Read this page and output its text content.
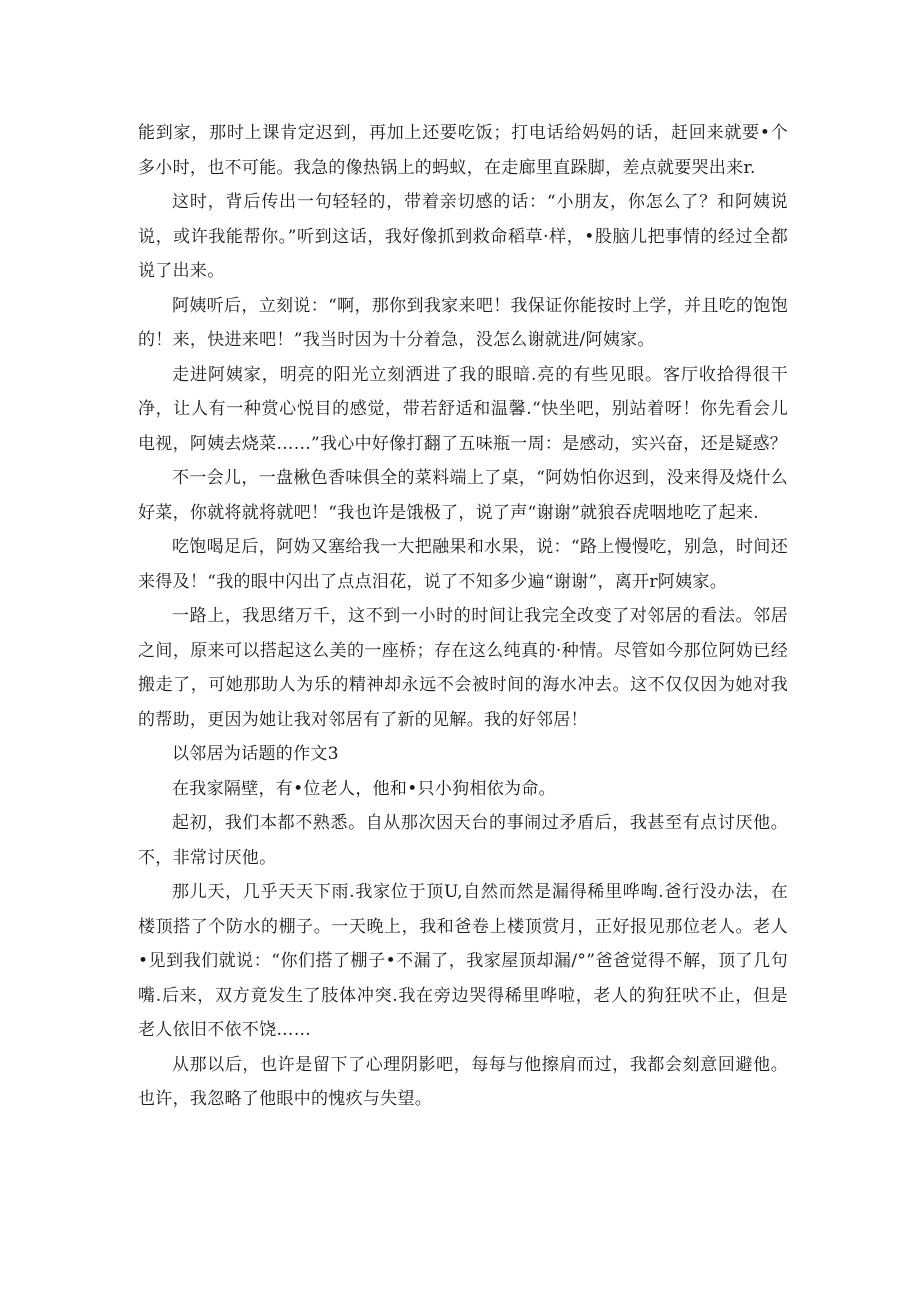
能到家，那时上课肯定迟到，再加上还要吃饭；打电话给妈妈的话，赶回来就要•个多小时，也不可能。我急的像热锅上的蚂蚁，在走廊里直跺脚，差点就要哭出来r.

这时，背后传出一句轻轻的，带着亲切感的话：“小朋友，你怎么了？和阿姨说说，或许我能帮你。”听到这话，我好像抓到救命稻草·样，•股脑儿把事情的经过全都说了出来。

阿姨听后，立刻说：“啊，那你到我家来吧！我保证你能按时上学，并且吃的饱饱的！来，快进来吧！”我当时因为十分着急，没怎么谢就进/阿姨家。

走进阿姨家，明亮的阳光立刻洒进了我的眼暗.亮的有些见眼。客厅收拾得很干净，让人有一种赏心悦目的感觉，带若舒适和温馨.“快坐吧，别站着呀！你先看会儿电视，阿姨去烧菜……”我心中好像打翻了五味瓶一周：是感动，实兴奋，还是疑惑？

不一会儿，一盘楸色香味俱全的菜料端上了桌，“阿妫怕你迟到，没来得及烧什么好菜，你就将就将就吧！“我也许是饿极了，说了声“谢谢”就狼吞虎咽地吃了起来.

吃饱喝足后，阿妫又塞给我一大把融果和水果，说：“路上慢慢吃，别急，时间还来得及！“我的眼中闪出了点点泪花，说了不知多少遍“谢谢”，离开r阿姨家。

一路上，我思绪万千，这不到一小时的时间让我完全改变了对邻居的看法。邻居之间，原来可以搭起这么美的一座桥；存在这么纯真的·种情。尽管如今那位阿妫已经搬走了，可她那助人为乐的精神却永远不会被时间的海水冲去。这不仅仅因为她对我的帮助，更因为她让我对邻居有了新的见解。我的好邻居！

以邻居为话题的作文3

在我家隔壁，有•位老人，他和•只小狗相依为命。

起初，我们本都不熟悉。自从那次因天台的事闹过矛盾后，我甚至有点讨厌他。不，非常讨厌他。

那儿天，几乎天天下雨.我家位于顶U,自然而然是漏得稀里哗啕.爸行没办法，在楼顶搭了个防水的棚子。一天晚上，我和爸卷上楼顶赏月，正好报见那位老人。老人•见到我们就说：“你们搭了棚子•不漏了，我家屋顶却漏/°”爸爸觉得不解，顶了几句嘴.后来，双方竟发生了肢体冲突.我在旁边哭得稀里哗啦，老人的狗狂吠不止，但是老人依旧不依不饶……

从那以后，也许是留下了心理阴影吧，每每与他擦肩而过，我都会刻意回避他。也许，我忽略了他眼中的愧疚与失望。
